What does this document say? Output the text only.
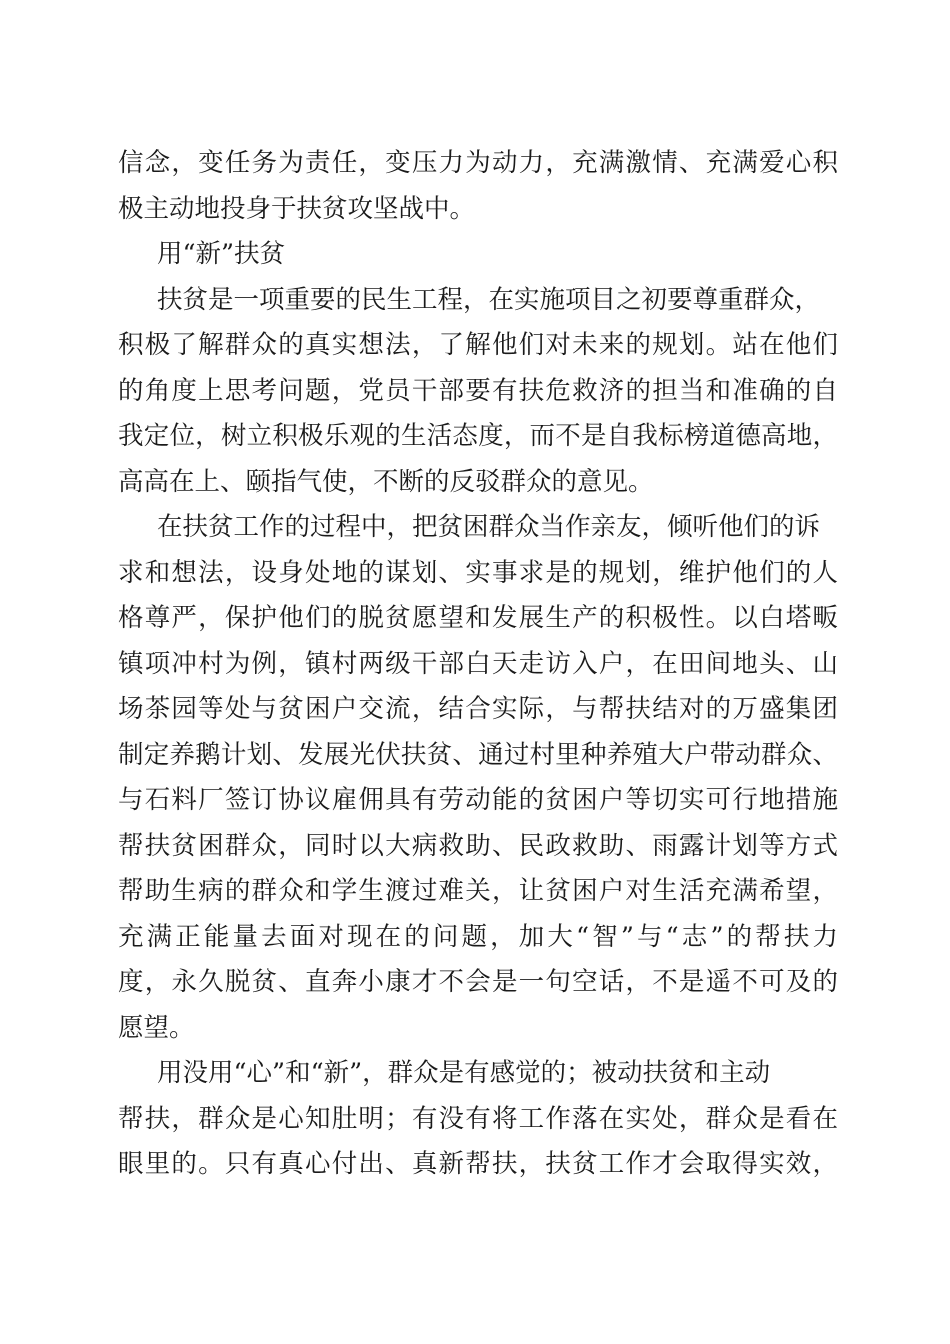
信念，变任务为责任，变压力为动力，充满激情、充满爱心积
极主动地投身于扶贫攻坚战中。
用“新”扶贫
扶贫是一项重要的民生工程，在实施项目之初要尊重群众，
积极了解群众的真实想法，了解他们对未来的规划。站在他们
的角度上思考问题，党员干部要有扶危救济的担当和准确的自
我定位，树立积极乐观的生活态度，而不是自我标榜道德高地，
高高在上、颐指气使，不断的反驳群众的意见。
在扶贫工作的过程中，把贫困群众当作亲友，倾听他们的诉
求和想法，设身处地的谋划、实事求是的规划，维护他们的人
格尊严，保护他们的脱贫愿望和发展生产的积极性。以白塔畈
镇项冲村为例，镇村两级干部白天走访入户，在田间地头、山
场茶园等处与贫困户交流，结合实际，与帮扶结对的万盛集团
制定养鹅计划、发展光伏扶贫、通过村里种养殖大户带动群众、
与石料厂签订协议雇佣具有劳动能的贫困户等切实可行地措施
帮扶贫困群众，同时以大病救助、民政救助、雨露计划等方式
帮助生病的群众和学生渡过难关，让贫困户对生活充满希望，
充满正能量去面对现在的问题，加大“智”与“志”的帮扶力
度，永久脱贫、直奔小康才不会是一句空话，不是遥不可及的
愿望。
用没用“心”和“新”，群众是有感觉的；被动扶贫和主动
帮扶，群众是心知肚明；有没有将工作落在实处，群众是看在
眼里的。只有真心付出、真新帮扶，扶贫工作才会取得实效，
